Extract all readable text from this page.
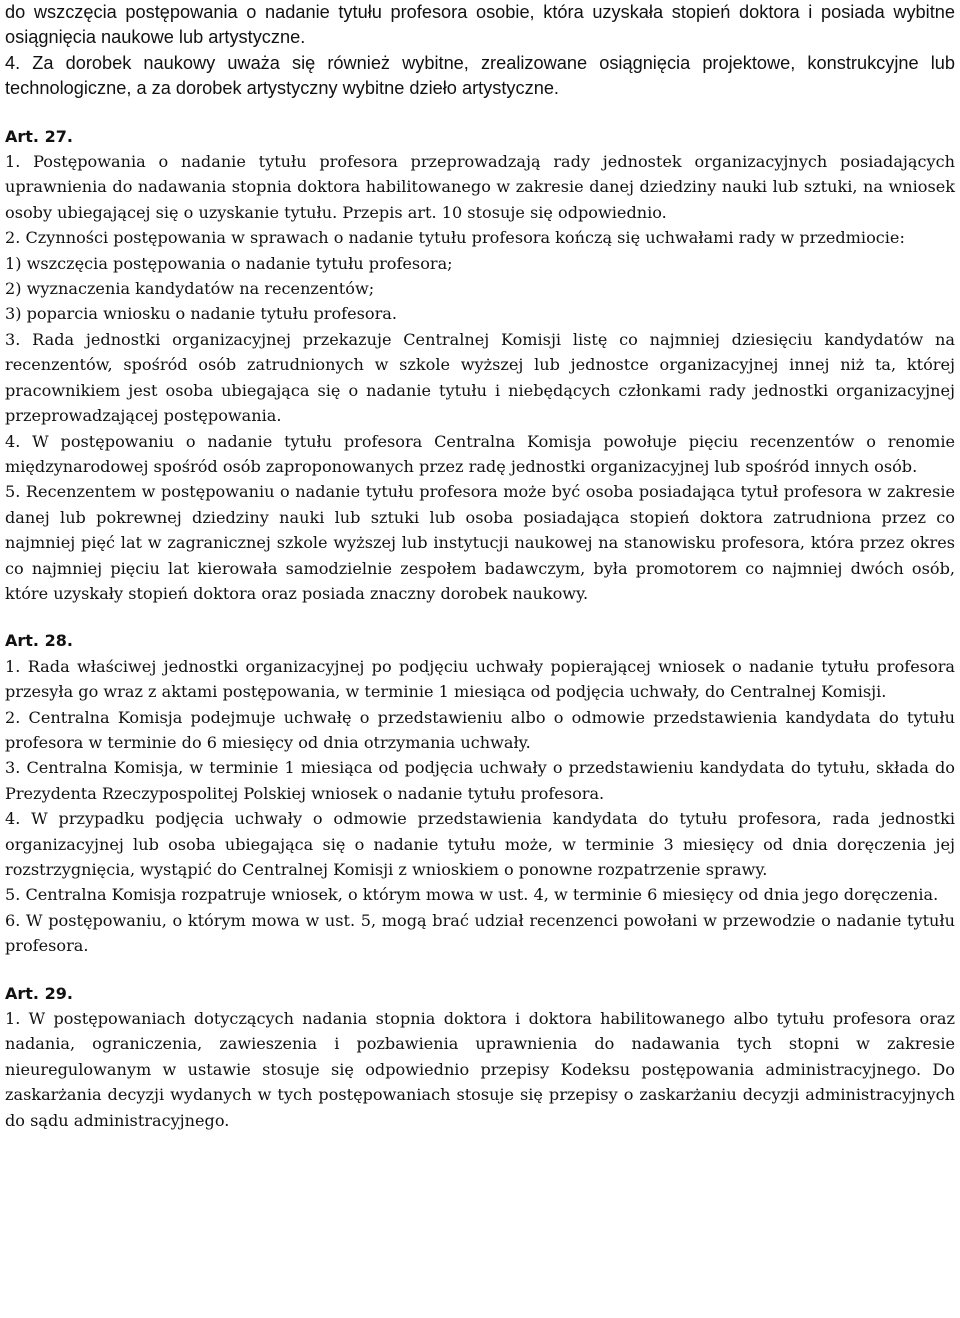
do wszczęcia postępowania o nadanie tytułu profesora osobie, która uzyskała stopień doktora i posiada wybitne osiągnięcia naukowe lub artystyczne.

4. Za dorobek naukowy uważa się również wybitne, zrealizowane osiągnięcia projektowe, konstrukcyjne lub technologiczne, a za dorobek artystyczny wybitne dzieło artystyczne.

Art. 27.

1. Postępowania o nadanie tytułu profesora przeprowadzają rady jednostek organizacyjnych posiadających uprawnienia do nadawania stopnia doktora habilitowanego w zakresie danej dziedziny nauki lub sztuki, na wniosek osoby ubiegającej się o uzyskanie tytułu. Przepis art. 10 stosuje się odpowiednio.

2. Czynności postępowania w sprawach o nadanie tytułu profesora kończą się uchwałami rady w przedmiocie:

1) wszczęcia postępowania o nadanie tytułu profesora;

2) wyznaczenia kandydatów na recenzentów;

3) poparcia wniosku o nadanie tytułu profesora.

3. Rada jednostki organizacyjnej przekazuje Centralnej Komisji listę co najmniej dziesięciu kandydatów na recenzentów, spośród osób zatrudnionych w szkole wyższej lub jednostce organizacyjnej innej niż ta, której pracownikiem jest osoba ubiegająca się o nadanie tytułu i niebędących członkami rady jednostki organizacyjnej przeprowadzającej postępowania.

4. W postępowaniu o nadanie tytułu profesora Centralna Komisja powołuje pięciu recenzentów o renomie międzynarodowej spośród osób zaproponowanych przez radę jednostki organizacyjnej lub spośród innych osób.

5. Recenzentem w postępowaniu o nadanie tytułu profesora może być osoba posiadająca tytuł profesora w zakresie danej lub pokrewnej dziedziny nauki lub sztuki lub osoba posiadająca stopień doktora zatrudniona przez co najmniej pięć lat w zagranicznej szkole wyższej lub instytucji naukowej na stanowisku profesora, która przez okres co najmniej pięciu lat kierowała samodzielnie zespołem badawczym, była promotorem co najmniej dwóch osób, które uzyskały stopień doktora oraz posiada znaczny dorobek naukowy.

Art. 28.

1. Rada właściwej jednostki organizacyjnej po podjęciu uchwały popierającej wniosek o nadanie tytułu profesora przesyła go wraz z aktami postępowania, w terminie 1 miesiąca od podjęcia uchwały, do Centralnej Komisji.

2. Centralna Komisja podejmuje uchwałę o przedstawieniu albo o odmowie przedstawienia kandydata do tytułu profesora w terminie do 6 miesięcy od dnia otrzymania uchwały.

3. Centralna Komisja, w terminie 1 miesiąca od podjęcia uchwały o przedstawieniu kandydata do tytułu, składa do Prezydenta Rzeczypospolitej Polskiej wniosek o nadanie tytułu profesora.

4. W przypadku podjęcia uchwały o odmowie przedstawienia kandydata do tytułu profesora, rada jednostki organizacyjnej lub osoba ubiegająca się o nadanie tytułu może, w terminie 3 miesięcy od dnia doręczenia jej rozstrzygnięcia, wystąpić do Centralnej Komisji z wnioskiem o ponowne rozpatrzenie sprawy.

5. Centralna Komisja rozpatruje wniosek, o którym mowa w ust. 4, w terminie 6 miesięcy od dnia jego doręczenia.

6. W postępowaniu, o którym mowa w ust. 5, mogą brać udział recenzenci powołani w przewodzie o nadanie tytułu profesora.

Art. 29.

1. W postępowaniach dotyczących nadania stopnia doktora i doktora habilitowanego albo tytułu profesora oraz nadania, ograniczenia, zawieszenia i pozbawienia uprawnienia do nadawania tych stopni w zakresie nieuregulowanym w ustawie stosuje się odpowiednio przepisy Kodeksu postępowania administracyjnego. Do zaskarżania decyzji wydanych w tych postępowaniach stosuje się przepisy o zaskarżaniu decyzji administracyjnych do sądu administracyjnego.
